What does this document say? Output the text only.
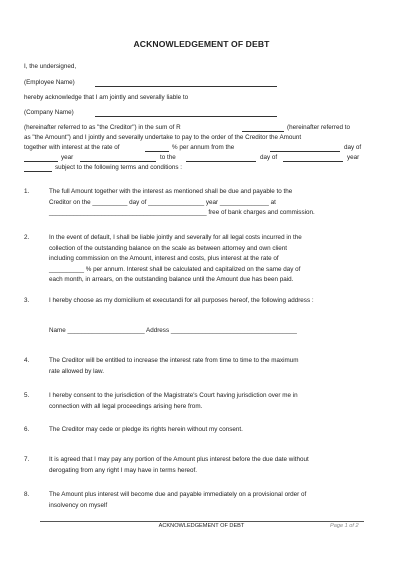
ACKNOWLEDGEMENT OF DEBT
I, the undersigned,
(Employee Name)
hereby acknowledge that I am jointly and severally liable to
(Company Name)
(hereinafter referred to as "the Creditor") in the sum of R	(hereinafter referred to
as "the Amount") and I jointly and severally undertake to pay to the order of the Creditor the Amount
together with interest at the rate of	% per annum from the	day of
year	to the	day of	year
subject to the following terms and conditions :
1.	The full Amount together with the interest as mentioned shall be due and payable to the
Creditor on the __________ day of ________________ year ______________ at
_____________________________________________ free of bank charges and commission.
2.	In the event of default, I shall be liable jointly and severally for all legal costs incurred in the
collection of the outstanding balance on the scale as between attorney and own client
including commission on the Amount, interest and costs, plus interest at the rate of
__________ % per annum. Interest shall be calculated and capitalized on the same day of
each month, in arrears, on the outstanding balance until the Amount due has been paid.
3.	I hereby choose as my domicilium et executandi for all purposes hereof, the following address :
Name ______________________ Address ____________________________________
4.	The Creditor will be entitled to increase the interest rate from time to time to the maximum
rate allowed by law.
5.	I hereby consent to the jurisdiction of the Magistrate's Court having jurisdiction over me in
connection with all legal proceedings arising here from.
6.	The Creditor may cede or pledge its rights herein without my consent.
7.	It is agreed that I may pay any portion of the Amount plus interest before the due date without
derogating from any right I may have in terms hereof.
8.	The Amount plus interest will become due and payable immediately on a provisional order of
insolvency on myself
ACKNOWLEDGEMENT OF DEBT	Page 1 of 2
